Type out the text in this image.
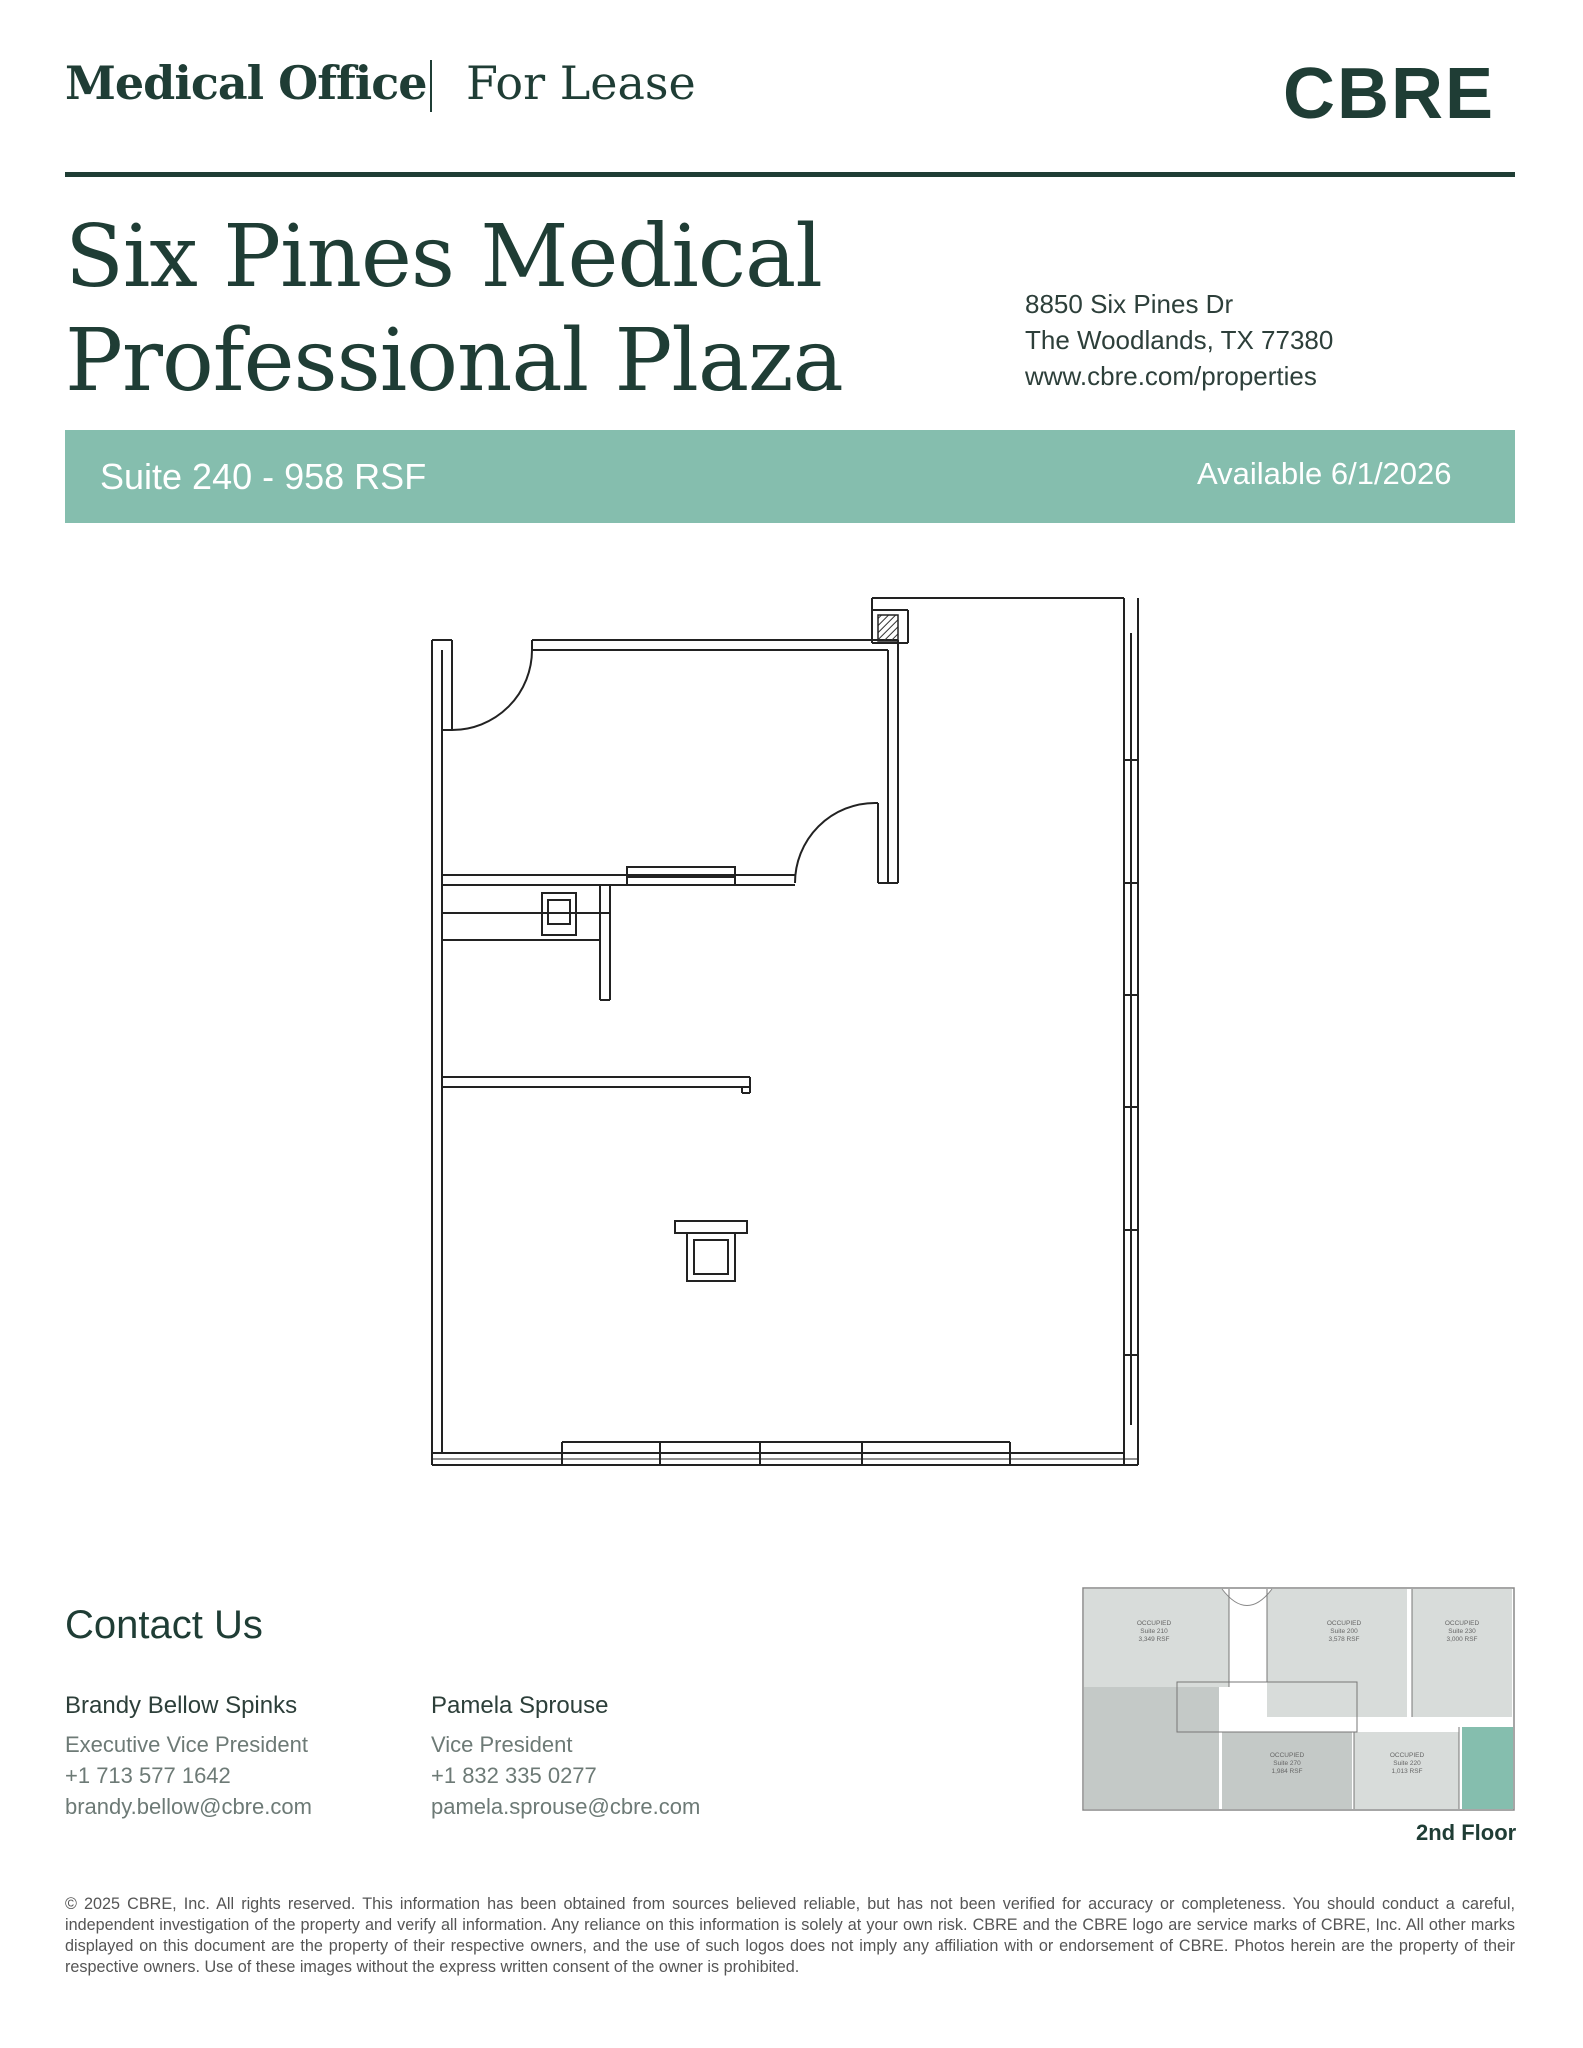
Medical Office For Lease	CBRE
Six Pines Medical
Professional Plaza
8850 Six Pines Dr
The Woodlands, TX 77380
www.cbre.com/properties
Suite 240 - 958 RSF	Available 6/1/2026
Contact Us
Brandy Bellow Spinks
Executive Vice President
+1 713 577 1642
brandy.bellow@cbre.com
Pamela Sprouse
Vice President
+1 832 335 0277
pamela.sprouse@cbre.com
OCCUPIED
Suite 210
3,349 RSF
OCCUPIED
Suite 200
3,578 RSF
OCCUPIED
Suite 230
3,000 RSF
OCCUPIED
Suite 270
1,984 RSF
OCCUPIED
Suite 220
1,013 RSF
2nd Floor
© 2025 CBRE, Inc. All rights reserved. This information has been obtained from sources believed reliable, but has not been verified for accuracy or completeness. You should conduct a careful, independent investigation of the property and verify all information. Any reliance on this information is solely at your own risk. CBRE and the CBRE logo are service marks of CBRE, Inc. All other marks displayed on this document are the property of their respective owners, and the use of such logos does not imply any affiliation with or endorsement of CBRE. Photos herein are the property of their respective owners. Use of these images without the express written consent of the owner is prohibited.
